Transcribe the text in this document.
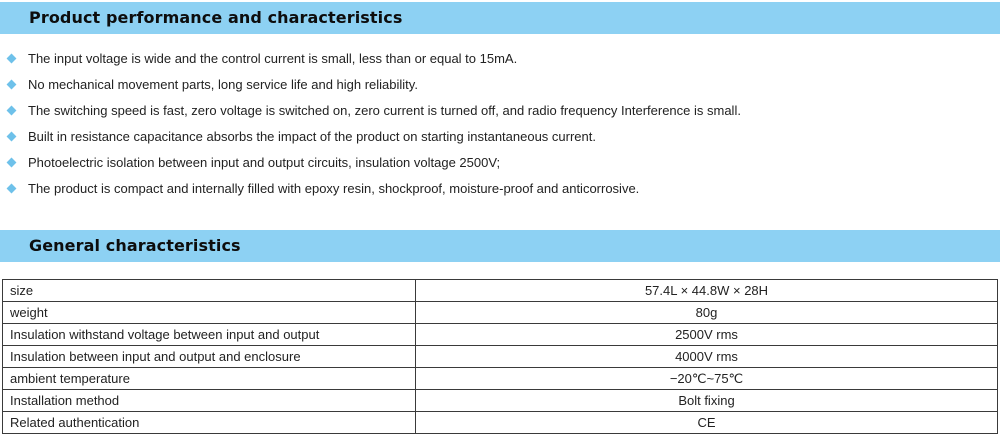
Product performance and characteristics
The input voltage is wide and the control current is small, less than or equal to 15mA.
No mechanical movement parts, long service life and high reliability.
The switching speed is fast, zero voltage is switched on, zero current is turned off, and radio frequency Interference is small.
Built in resistance capacitance absorbs the impact of the product on starting instantaneous current.
Photoelectric isolation between input and output circuits, insulation voltage 2500V;
The product is compact and internally filled with epoxy resin, shockproof, moisture-proof and anticorrosive.
General characteristics
size	57.4L × 44.8W × 28H
weight	80g
Insulation withstand voltage between input and output	2500V rms
Insulation between input and output and enclosure	4000V rms
ambient temperature	−20℃~75℃
Installation method	Bolt fixing
Related authentication	CE
